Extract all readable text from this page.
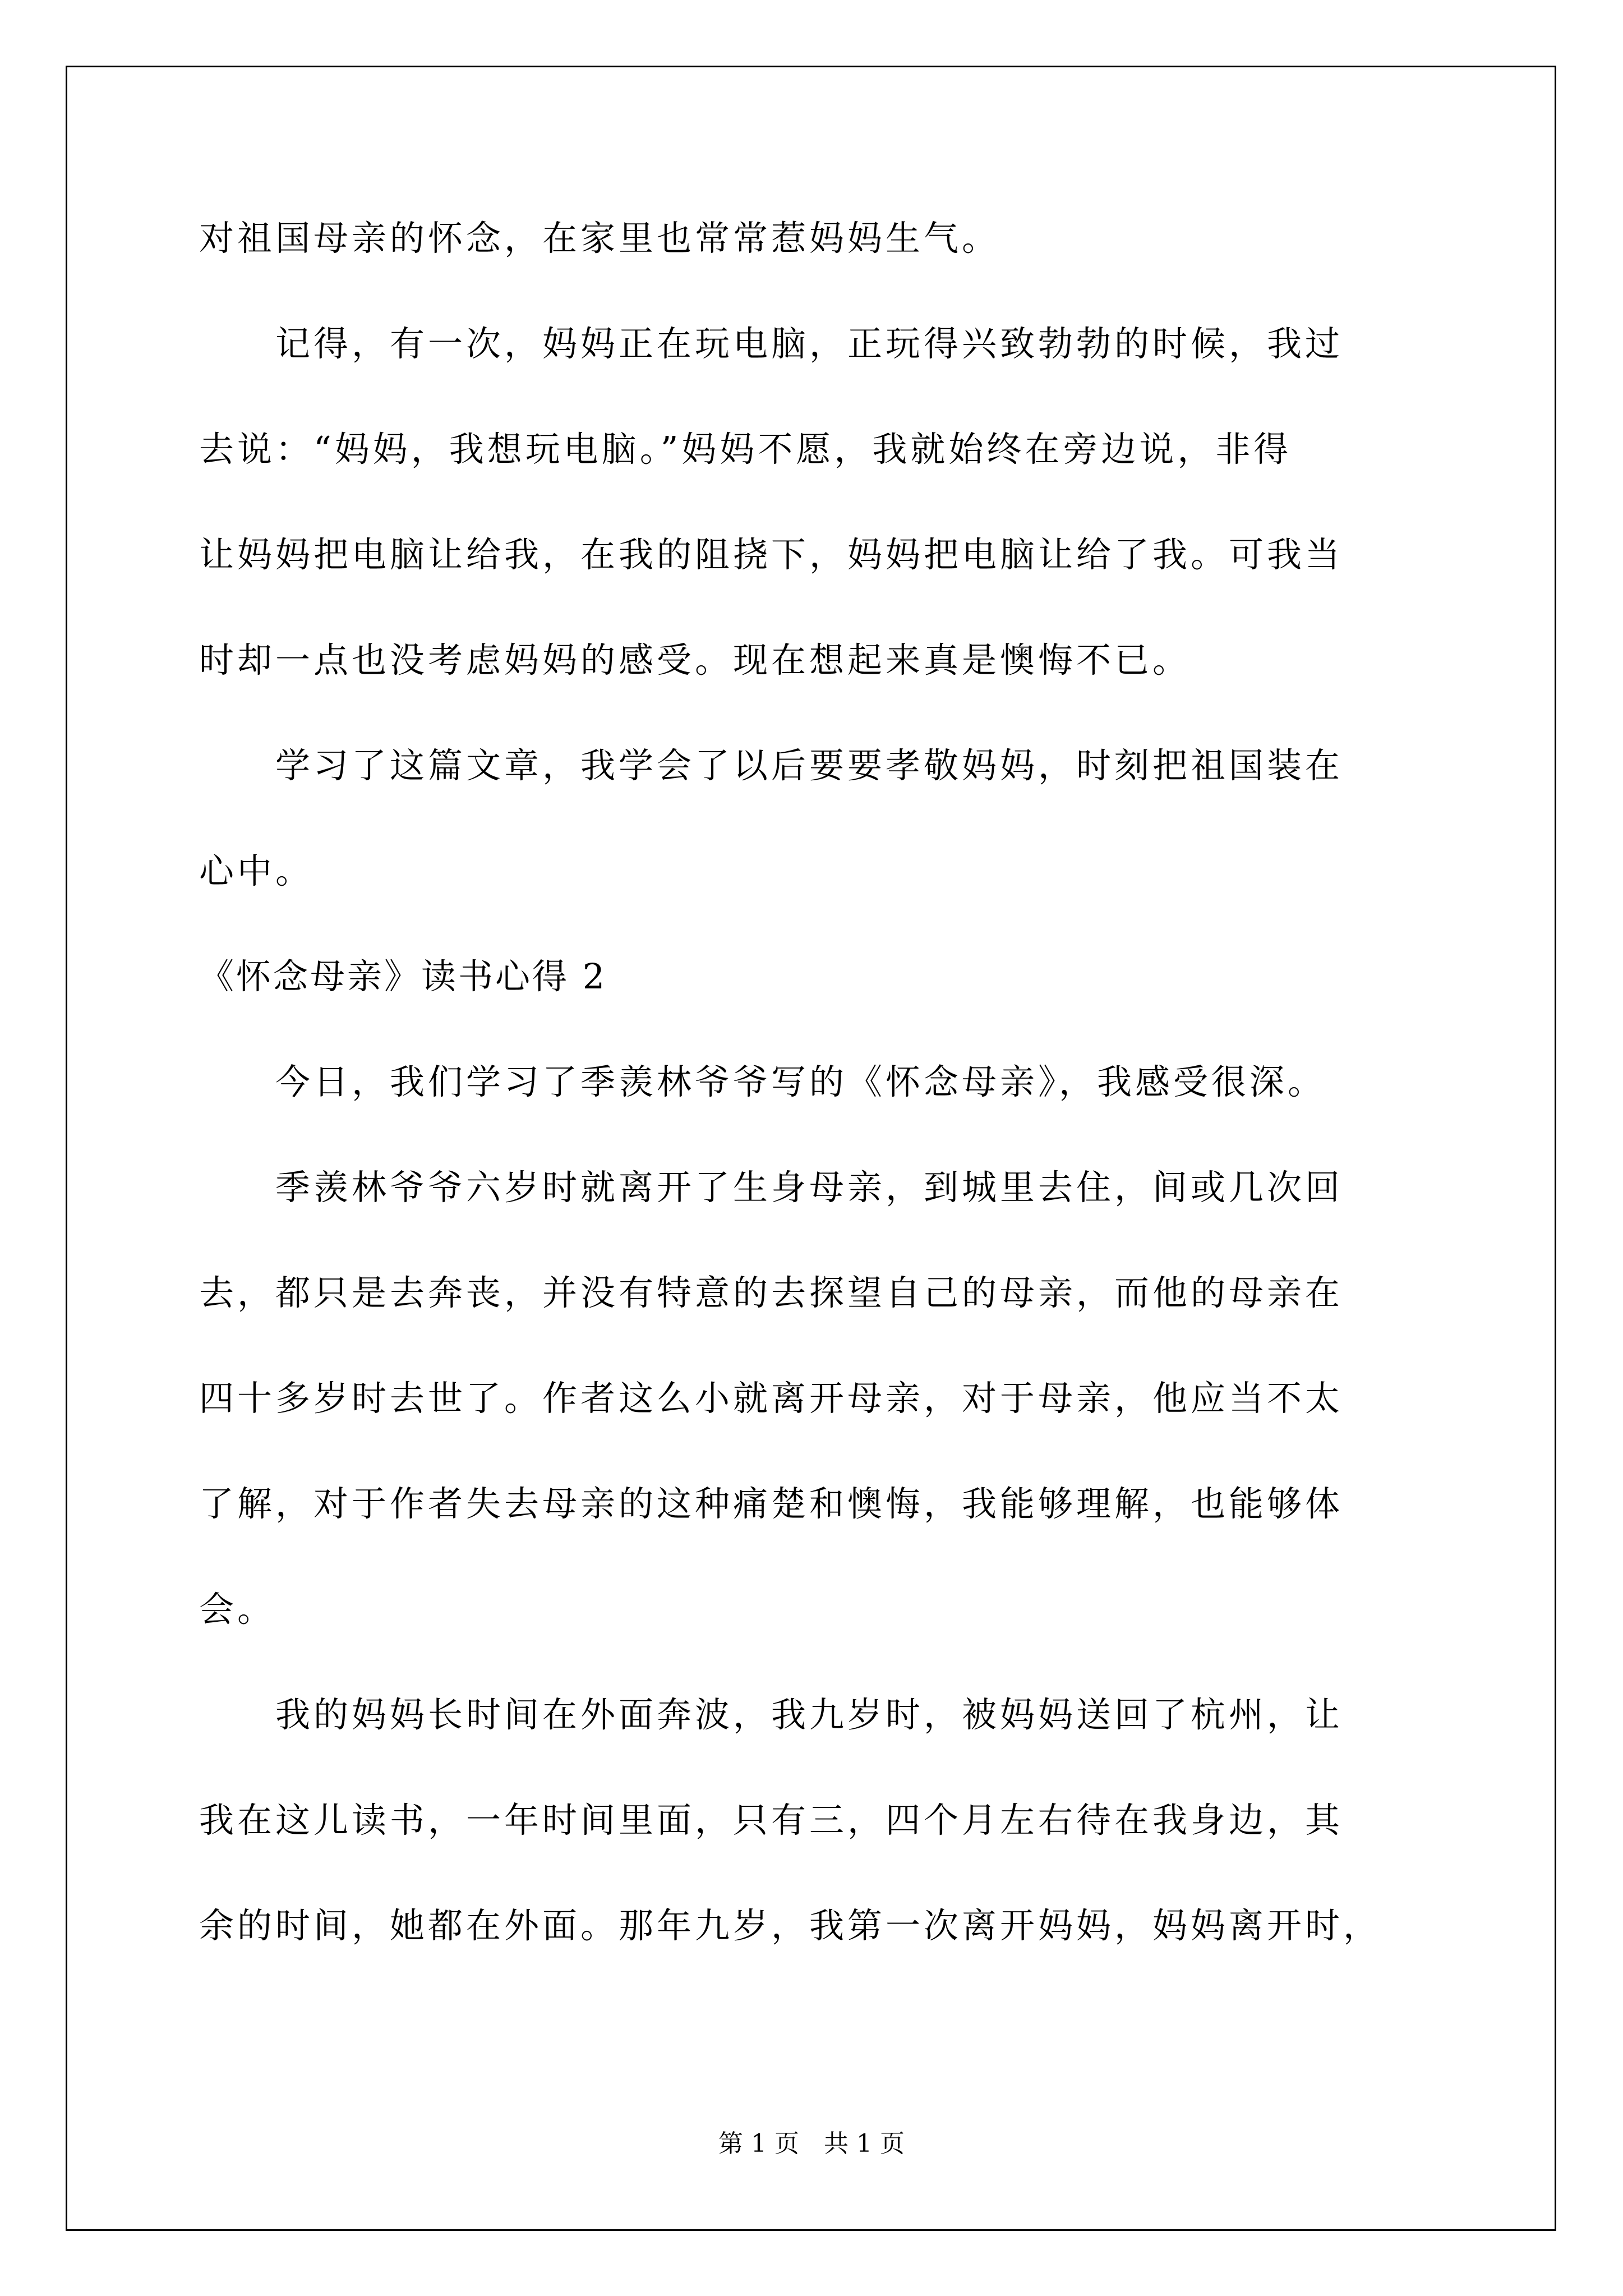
对祖国母亲的怀念，在家里也常常惹妈妈生气。
　　记得，有一次，妈妈正在玩电脑，正玩得兴致勃勃的时候，我过
去说：“妈妈，我想玩电脑。”妈妈不愿，我就始终在旁边说，非得
让妈妈把电脑让给我，在我的阻挠下，妈妈把电脑让给了我。可我当
时却一点也没考虑妈妈的感受。现在想起来真是懊悔不已。
　　学习了这篇文章，我学会了以后要要孝敬妈妈，时刻把祖国装在
心中。
《怀念母亲》读书心得 2
　　今日，我们学习了季羡林爷爷写的《怀念母亲》，我感受很深。
　　季羡林爷爷六岁时就离开了生身母亲，到城里去住，间或几次回
去，都只是去奔丧，并没有特意的去探望自己的母亲，而他的母亲在
四十多岁时去世了。作者这么小就离开母亲，对于母亲，他应当不太
了解，对于作者失去母亲的这种痛楚和懊悔，我能够理解，也能够体
会。
　　我的妈妈长时间在外面奔波，我九岁时，被妈妈送回了杭州，让
我在这儿读书，一年时间里面，只有三，四个月左右待在我身边，其
余的时间，她都在外面。那年九岁，我第一次离开妈妈，妈妈离开时，
第 1 页　共 1 页
